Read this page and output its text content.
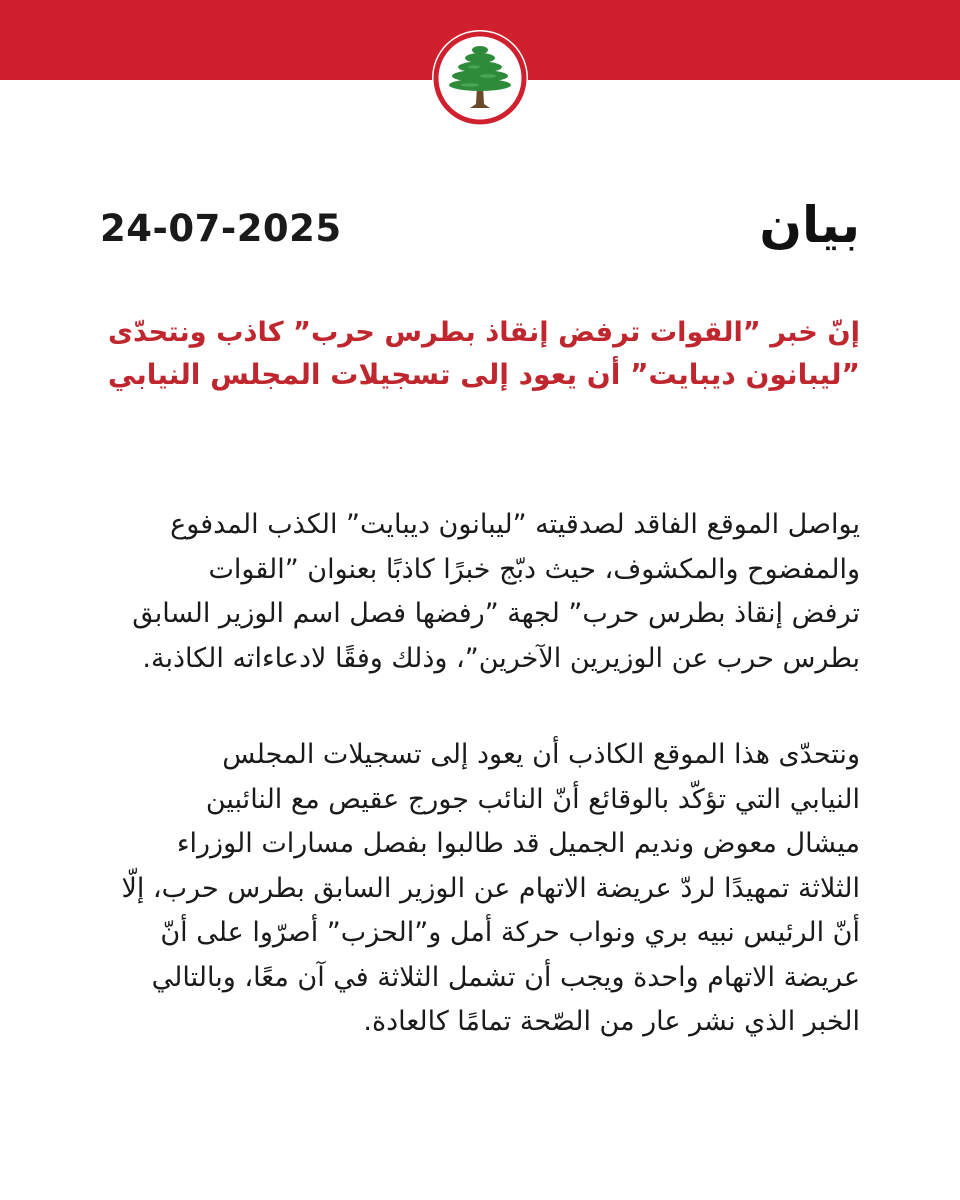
24-07-2025	بيان
إنّ خبر ”القوات ترفض إنقاذ بطرس حرب” كاذب ونتحدّى
”ليبانون ديبايت” أن يعود إلى تسجيلات المجلس النيابي
يواصل الموقع الفاقد لصدقيته ”ليبانون ديبايت” الكذب المدفوع
والمفضوح والمكشوف، حيث دبّج خبرًا كاذبًا بعنوان ”القوات
ترفض إنقاذ بطرس حرب” لجهة ”رفضها فصل اسم الوزير السابق
بطرس حرب عن الوزيرين الآخرين”، وذلك وفقًا لادعاءاته الكاذبة.
ونتحدّى هذا الموقع الكاذب أن يعود إلى تسجيلات المجلس
النيابي التي تؤكّد بالوقائع أنّ النائب جورج عقيص مع النائبين
ميشال معوض ونديم الجميل قد طالبوا بفصل مسارات الوزراء
الثلاثة تمهيدًا لردّ عريضة الاتهام عن الوزير السابق بطرس حرب، إلّا
أنّ الرئيس نبيه بري ونواب حركة أمل و”الحزب” أصرّوا على أنّ
عريضة الاتهام واحدة ويجب أن تشمل الثلاثة في آن معًا، وبالتالي
الخبر الذي نشر عار من الصّحة تمامًا كالعادة.
